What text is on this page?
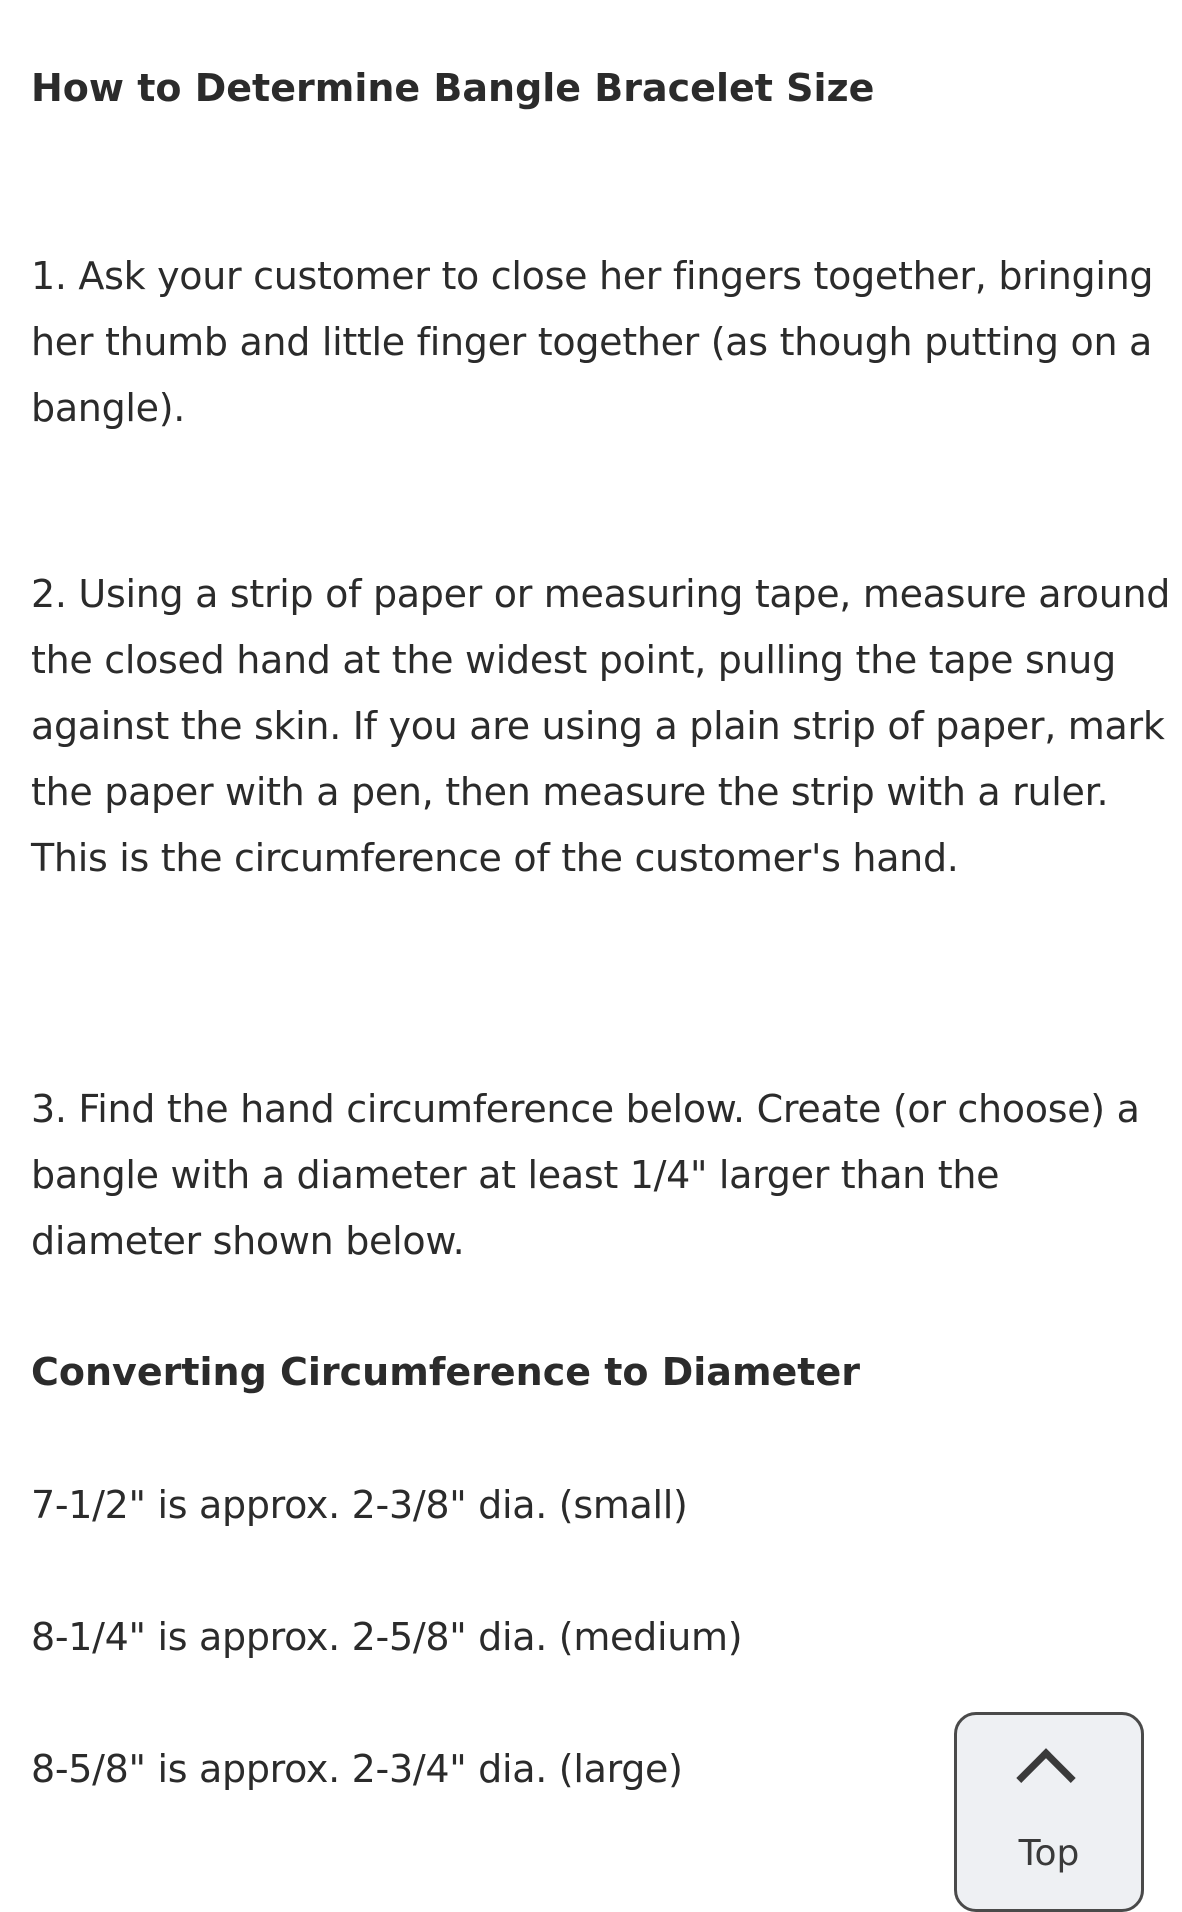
How to Determine Bangle Bracelet Size

1. Ask your customer to close her fingers together, bringing her thumb and little finger together (as though putting on a bangle).

2. Using a strip of paper or measuring tape, measure around the closed hand at the widest point, pulling the tape snug against the skin. If you are using a plain strip of paper, mark the paper with a pen, then measure the strip with a ruler. This is the circumference of the customer's hand.

3. Find the hand circumference below. Create (or choose) a bangle with a diameter at least 1/4" larger than the diameter shown below.

Converting Circumference to Diameter

7-1/2" is approx. 2-3/8" dia. (small)

8-1/4" is approx. 2-5/8" dia. (medium)

8-5/8" is approx. 2-3/4" dia. (large)

Top
